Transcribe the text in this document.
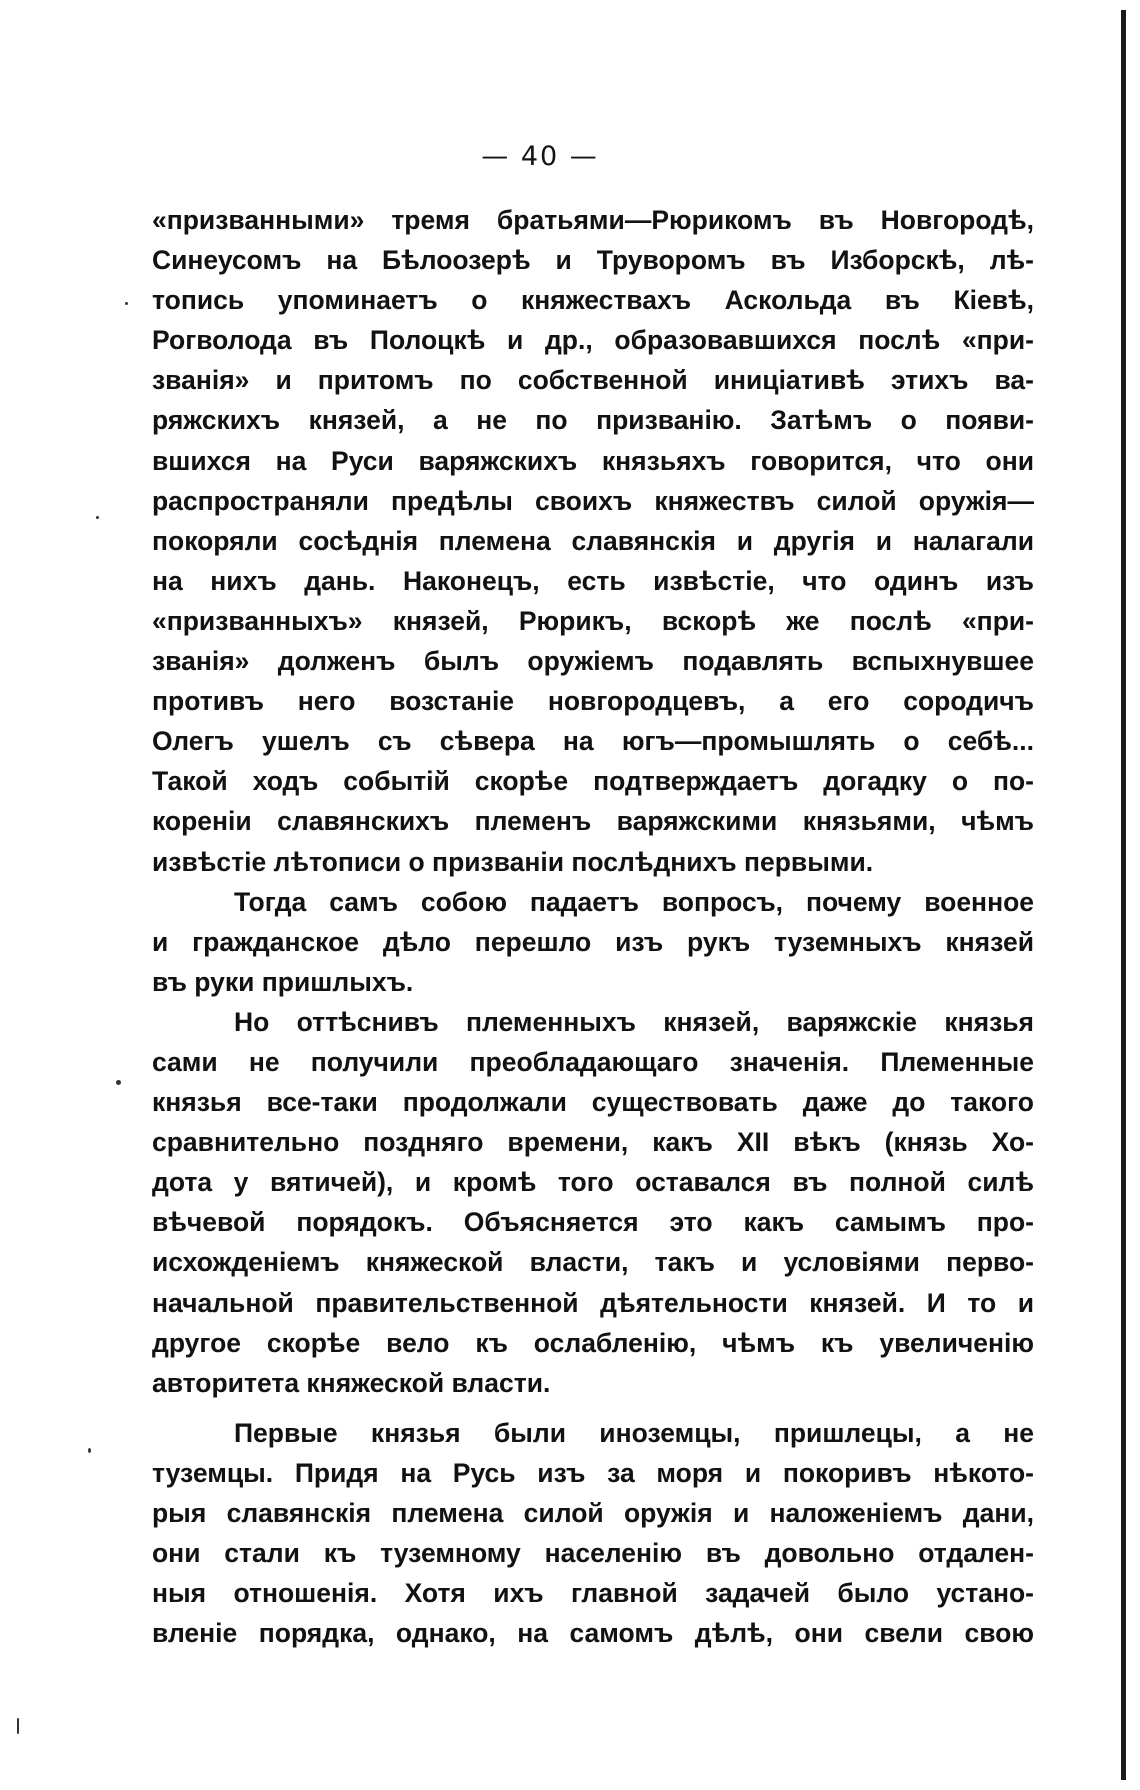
— 40 —
«призванными» тремя братьями—Рюрикомъ въ Новгородѣ,
Синеусомъ на Бѣлоозерѣ и Труворомъ въ Изборскѣ, лѣ-
топись упоминаетъ о княжествахъ Аскольда въ Кіевѣ,
Рогволода въ Полоцкѣ и др., образовавшихся послѣ «при-
званія» и притомъ по собственной иниціативѣ этихъ ва-
ряжскихъ князей, а не по призванію. Затѣмъ о появи-
вшихся на Руси варяжскихъ князьяхъ говорится, что они
распространяли предѣлы своихъ княжествъ силой оружія—
покоряли сосѣднія племена славянскія и другія и налагали
на нихъ дань. Наконецъ, есть извѣстіе, что одинъ изъ
«призванныхъ» князей, Рюрикъ, вскорѣ же послѣ «при-
званія» долженъ былъ оружіемъ подавлять вспыхнувшее
противъ него возстаніе новгородцевъ, а его сородичъ
Олегъ ушелъ съ сѣвера на югъ—промышлять о себѣ...
Такой ходъ событій скорѣе подтверждаетъ догадку о по-
кореніи славянскихъ племенъ варяжскими князьями, чѣмъ
извѣстіе лѣтописи о призваніи послѣднихъ первыми.
Тогда самъ собою падаетъ вопросъ, почему военное
и гражданское дѣло перешло изъ рукъ туземныхъ князей
въ руки пришлыхъ.
Но оттѣснивъ племенныхъ князей, варяжскіе князья
сами не получили преобладающаго значенія. Племенные
князья все-таки продолжали существовать даже до такого
сравнительно поздняго времени, какъ XII вѣкъ (князь Хо-
дота у вятичей), и кромѣ того оставался въ полной силѣ
вѣчевой порядокъ. Объясняется это какъ самымъ про-
исхожденіемъ княжеской власти, такъ и условіями перво-
начальной правительственной дѣятельности князей. И то и
другое скорѣе вело къ ослабленію, чѣмъ къ увеличенію
авторитета княжеской власти.
Первые князья были иноземцы, пришлецы, а не
туземцы. Придя на Русь изъ за моря и покоривъ нѣкото-
рыя славянскія племена силой оружія и наложеніемъ дани,
они стали къ туземному населенію въ довольно отдален-
ныя отношенія. Хотя ихъ главной задачей было устано-
вленіе порядка, однако, на самомъ дѣлѣ, они свели свою
